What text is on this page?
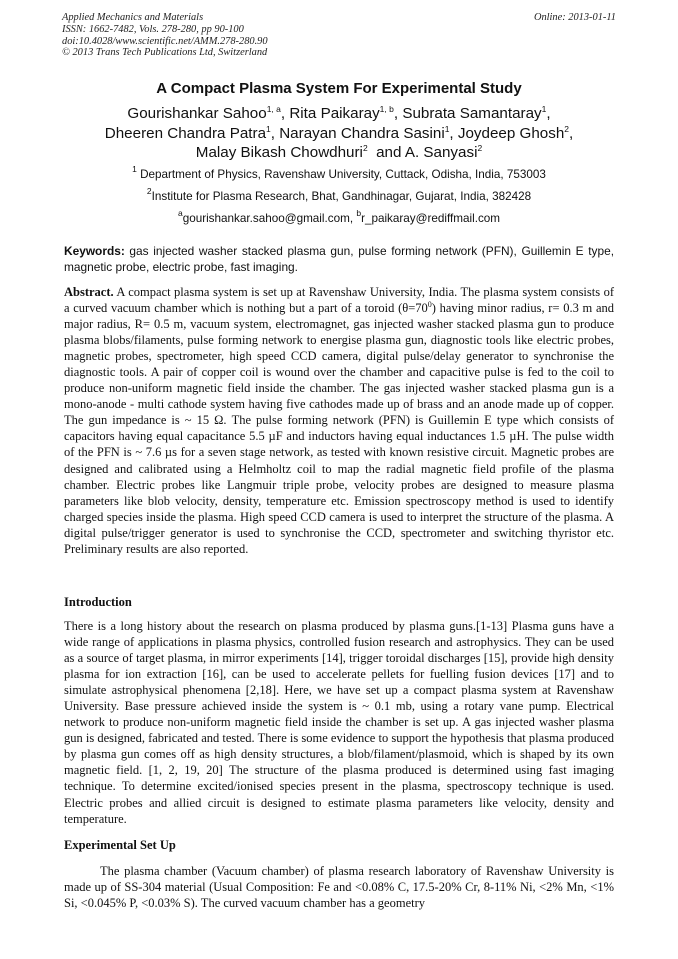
Applied Mechanics and Materials
ISSN: 1662-7482, Vols. 278-280, pp 90-100
doi:10.4028/www.scientific.net/AMM.278-280.90
© 2013 Trans Tech Publications Ltd, Switzerland
Online: 2013-01-11
A Compact Plasma System For Experimental Study
Gourishankar Sahoo$^{1, a}$, Rita Paikaray$^{1, b}$, Subrata Samantaray$^1$,
Dheeren Chandra Patra$^1$, Narayan Chandra Sasini$^1$, Joydeep Ghosh$^2$,
Malay Bikash Chowdhuri$^2$  and A. Sanyasi$^2$
$^1$ Department of Physics, Ravenshaw University, Cuttack, Odisha, India, 753003
$^2$Institute for Plasma Research, Bhat, Gandhinagar, Gujarat, India, 382428
$^a$gourishankar.sahoo@gmail.com, $^b$r_paikaray@rediffmail.com
Keywords: gas injected washer stacked plasma gun, pulse forming network (PFN), Guillemin E type, magnetic probe, electric probe, fast imaging.
Abstract. A compact plasma system is set up at Ravenshaw University, India. The plasma system consists of a curved vacuum chamber which is nothing but a part of a toroid $(\theta=70^0)$ having minor radius, r= 0.3 m and major radius, R= 0.5 m, vacuum system, electromagnet, gas injected washer stacked plasma gun to produce plasma blobs/filaments, pulse forming network to energise plasma gun, diagnostic tools like electric probes, magnetic probes, spectrometer, high speed CCD camera, digital pulse/delay generator to synchronise the diagnostic tools. A pair of copper coil is wound over the chamber and capacitive pulse is fed to the coil to produce non-uniform magnetic field inside the chamber. The gas injected washer stacked plasma gun is a mono-anode - multi cathode system having five cathodes made up of brass and an anode made up of copper. The gun impedance is ~ 15 Ω. The pulse forming network (PFN) is Guillemin E type which consists of capacitors having equal capacitance 5.5 µF and inductors having equal inductances 1.5 µH. The pulse width of the PFN is ~ 7.6 µs for a seven stage network, as tested with known resistive circuit. Magnetic probes are designed and calibrated using a Helmholtz coil to map the radial magnetic field profile of the plasma chamber. Electric probes like Langmuir triple probe, velocity probes are designed to measure plasma parameters like blob velocity, density, temperature etc. Emission spectroscopy method is used to identify charged species inside the plasma. High speed CCD camera is used to interpret the structure of the plasma. A digital pulse/trigger generator is used to synchronise the CCD, spectrometer and switching thyristor etc. Preliminary results are also reported.
Introduction
There is a long history about the research on plasma produced by plasma guns.[1-13] Plasma guns have a wide range of applications in plasma physics, controlled fusion research and astrophysics. They can be used as a source of target plasma, in mirror experiments [14], trigger toroidal discharges [15], provide high density plasma for ion extraction [16], can be used to accelerate pellets for fuelling fusion devices [17] and to simulate astrophysical phenomena [2,18]. Here, we have set up a compact plasma system at Ravenshaw University. Base pressure achieved inside the system is ~ 0.1 mb, using a rotary vane pump. Electrical network to produce non-uniform magnetic field inside the chamber is set up. A gas injected washer plasma gun is designed, fabricated and tested. There is some evidence to support the hypothesis that plasma produced by plasma gun comes off as high density structures, a blob/filament/plasmoid, which is shaped by its own magnetic field. [1, 2, 19, 20] The structure of the plasma produced is determined using fast imaging technique. To determine excited/ionised species present in the plasma, spectroscopy technique is used. Electric probes and allied circuit is designed to estimate plasma parameters like velocity, density and temperature.
Experimental Set Up
The plasma chamber (Vacuum chamber) of plasma research laboratory of Ravenshaw University is made up of SS-304 material (Usual Composition: Fe and <0.08% C, 17.5-20% Cr, 8-11% Ni, <2% Mn, <1% Si, <0.045% P, <0.03% S). The curved vacuum chamber has a geometry
